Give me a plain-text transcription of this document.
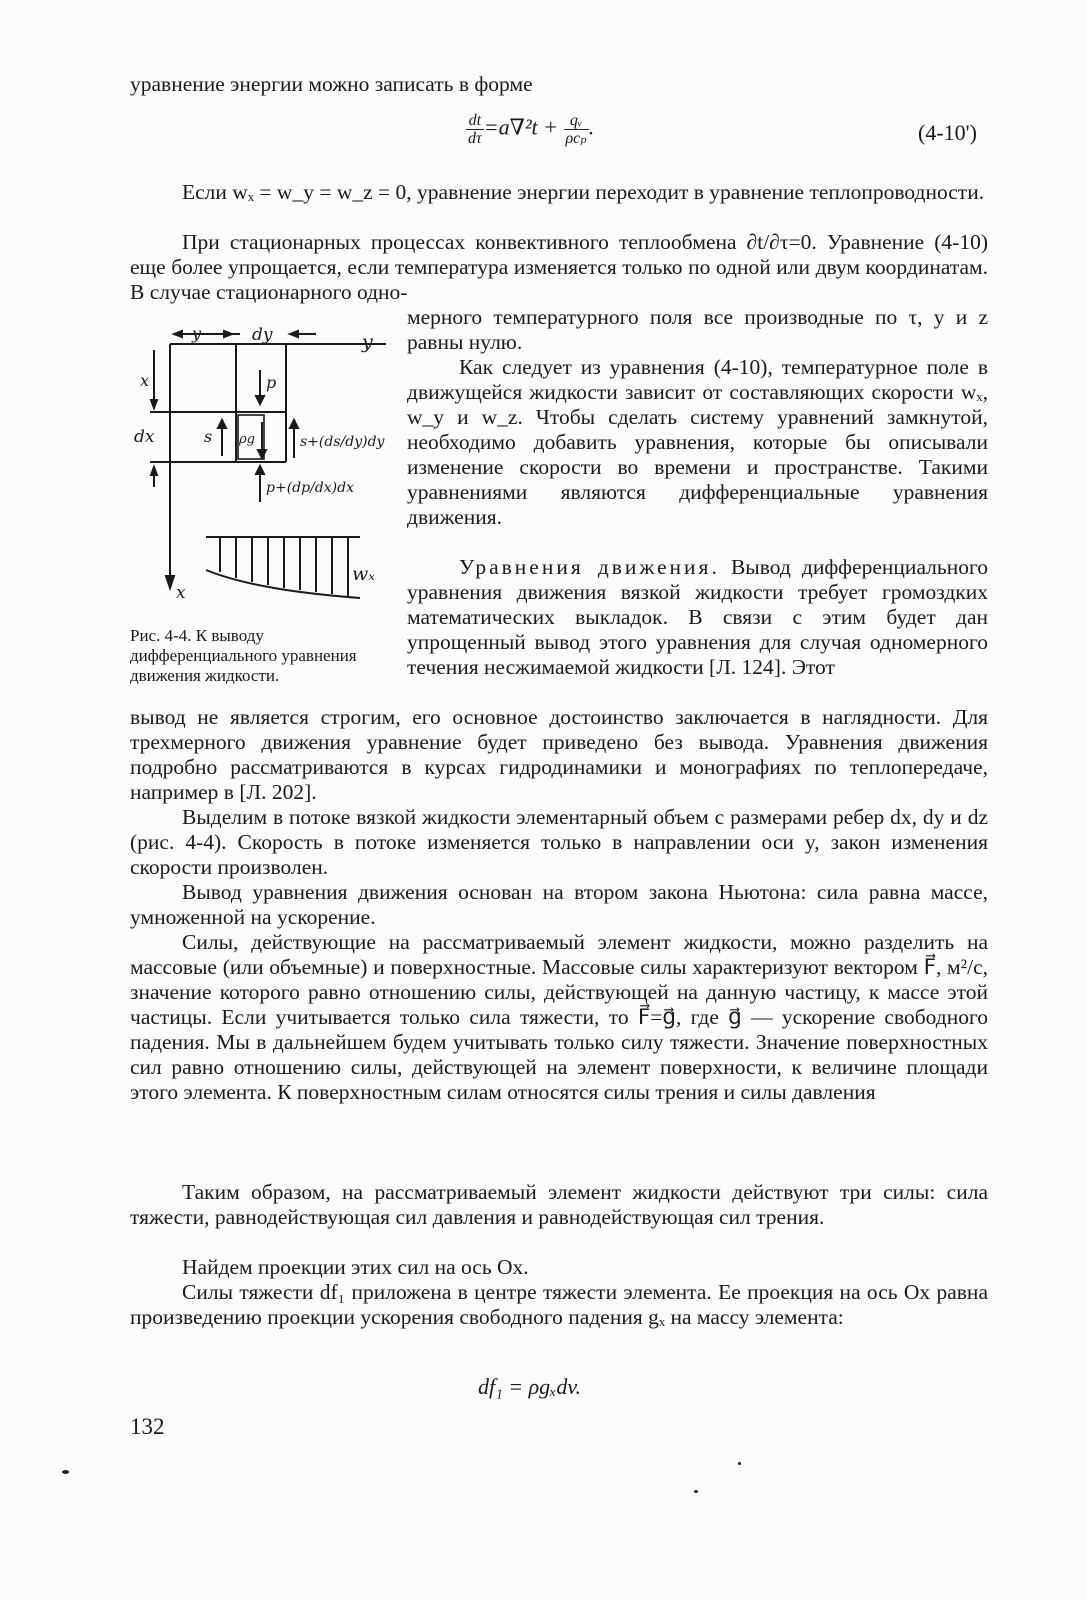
уравнение энергии можно записать в форме

$\frac{dt}{d\tau} =a\nabla^2t + \frac{\text{qᵥ}}{\text{ρcₚ}}$ .	(4-10')

Если wₓ = w_y = w_z = 0, уравнение энергии переходит в уравнение теплопроводности.

При стационарных процессах конвективного теплообмена ∂t/∂τ=0. Уравнение (4-10) еще более упрощается, если температура изменяется только по одной или двум координатам. В случае стационарного одно-

мерного температурного поля все производные по τ, y и z равны нулю.

Как следует из уравнения (4-10), температурное поле в движущейся жидкости зависит от составляющих скорости wₓ, w_y и w_z. Чтобы сделать систему уравнений замкнутой, необходимо добавить уравнения, которые бы описывали изменение скорости во времени и пространстве. Такими уравнениями являются дифференциальные уравнения движения.

Уравнения движения. Вывод дифференциального уравнения движения вязкой жидкости требует громоздких математических выкладок. В связи с этим будет дан упрощенный вывод этого уравнения для случая одномерного течения несжимаемой жидкости [Л. 124]. Этот

y	dy	y
x
dx
p
s ρg	s+(ds/dy)dy
p+(dp/dx)dx
wₓ
x

Рис. 4-4. К выводу дифференциального уравнения движения жидкости.

вывод не является строгим, его основное достоинство заключается в наглядности. Для трехмерного движения уравнение будет приведено без вывода. Уравнения движения подробно рассматриваются в курсах гидродинамики и монографиях по теплопередаче, например в [Л. 202].

Выделим в потоке вязкой жидкости элементарный объем с размерами ребер dx, dy и dz (рис. 4-4). Скорость в потоке изменяется только в направлении оси y, закон изменения скорости произволен.

Вывод уравнения движения основан на втором закона Ньютона: сила равна массе, умноженной на ускорение.

Силы, действующие на рассматриваемый элемент жидкости, можно разделить на массовые (или объемные) и поверхностные. Массовые силы характеризуют вектором F⃗, м²/с, значение которого равно отношению силы, действующей на данную частицу, к массе этой частицы. Если учитывается только сила тяжести, то F⃗=g⃗, где g⃗ — ускорение свободного падения. Мы в дальнейшем будем учитывать только силу тяжести. Значение поверхностных сил равно отношению силы, действующей на элемент поверхности, к величине площади этого элемента. К поверхностным силам относятся силы трения и силы давления

Таким образом, на рассматриваемый элемент жидкости действуют три силы: сила тяжести, равнодействующая сил давления и равнодействующая сил трения.

Найдем проекции этих сил на ось Ox.

Силы тяжести df₁ приложена в центре тяжести элемента. Ее проекция на ось Ox равна произведению проекции ускорения свободного падения gₓ на массу элемента:

df₁ = ρgₓdv.
132
